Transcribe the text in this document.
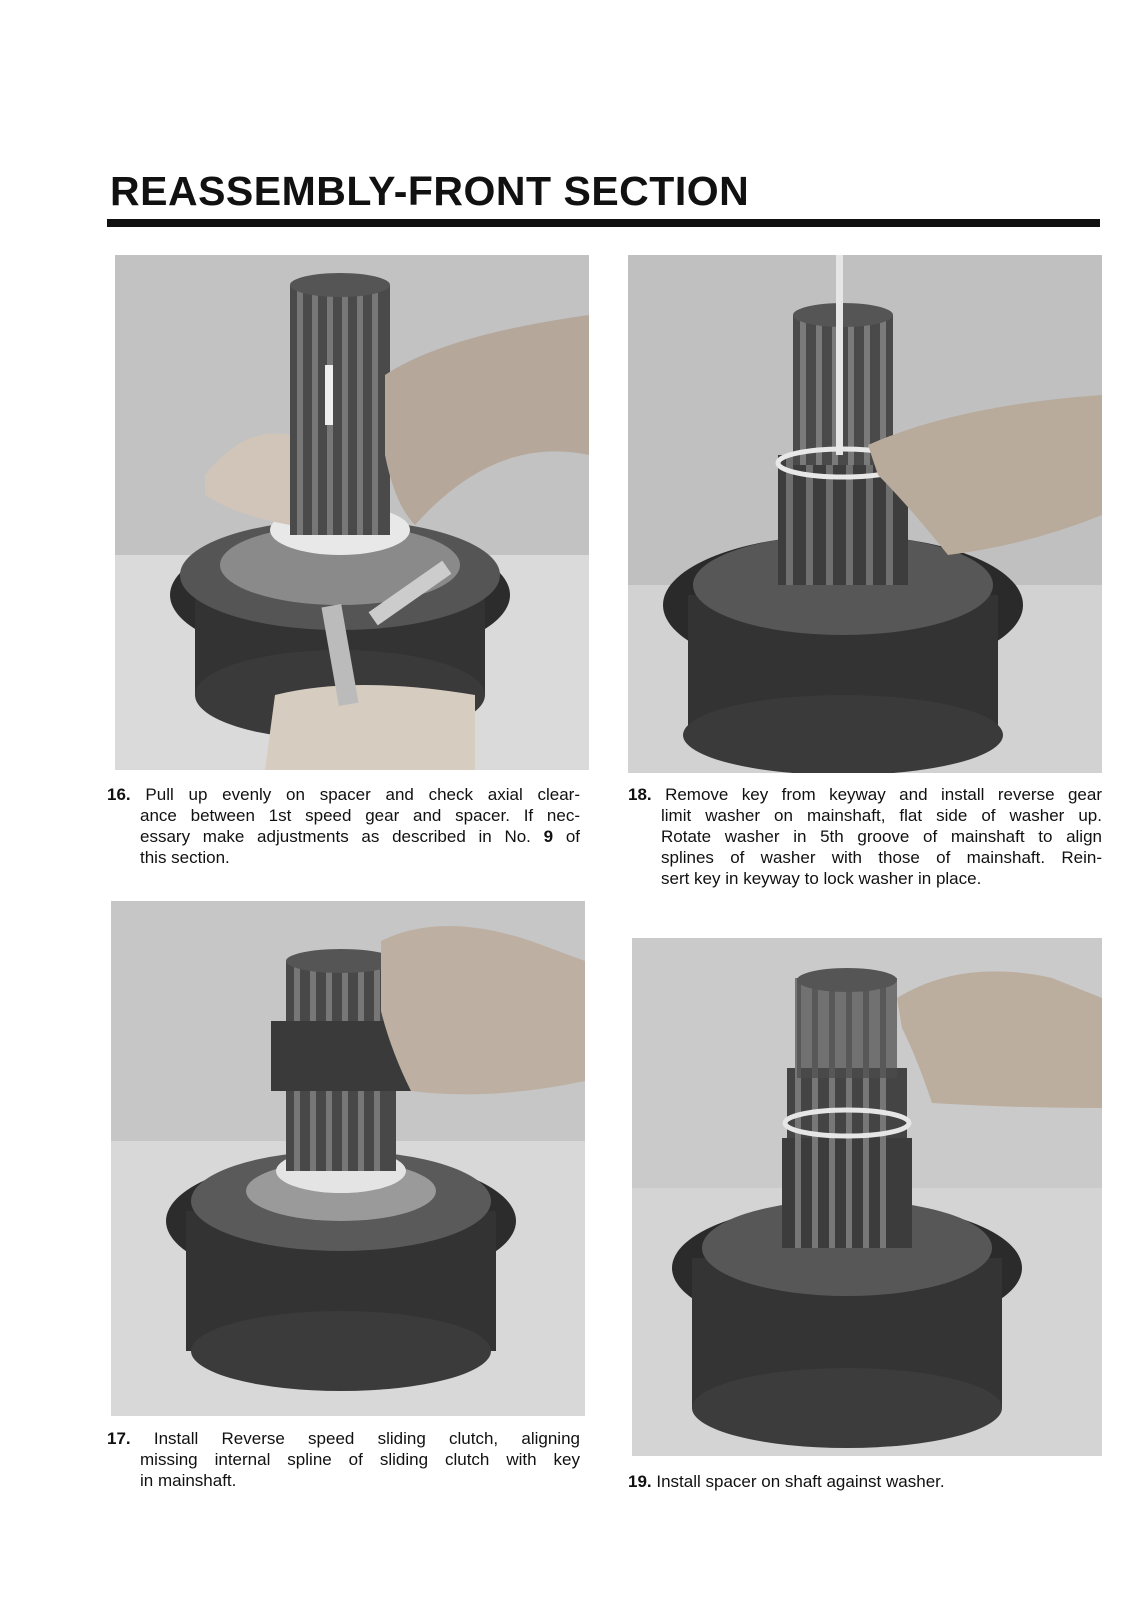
REASSEMBLY-FRONT SECTION
16. Pull up evenly on spacer and check axial clear-
ance between 1st speed gear and spacer. If nec-
essary make adjustments as described in No. 9 of
this section.
18. Remove key from keyway and install reverse gear
limit washer on mainshaft, flat side of washer up.
Rotate washer in 5th groove of mainshaft to align
splines of washer with those of mainshaft. Rein-
sert key in keyway to lock washer in place.
17. Install Reverse speed sliding clutch, aligning
missing internal spline of sliding clutch with key
in mainshaft.	19. Install spacer on shaft against washer.
